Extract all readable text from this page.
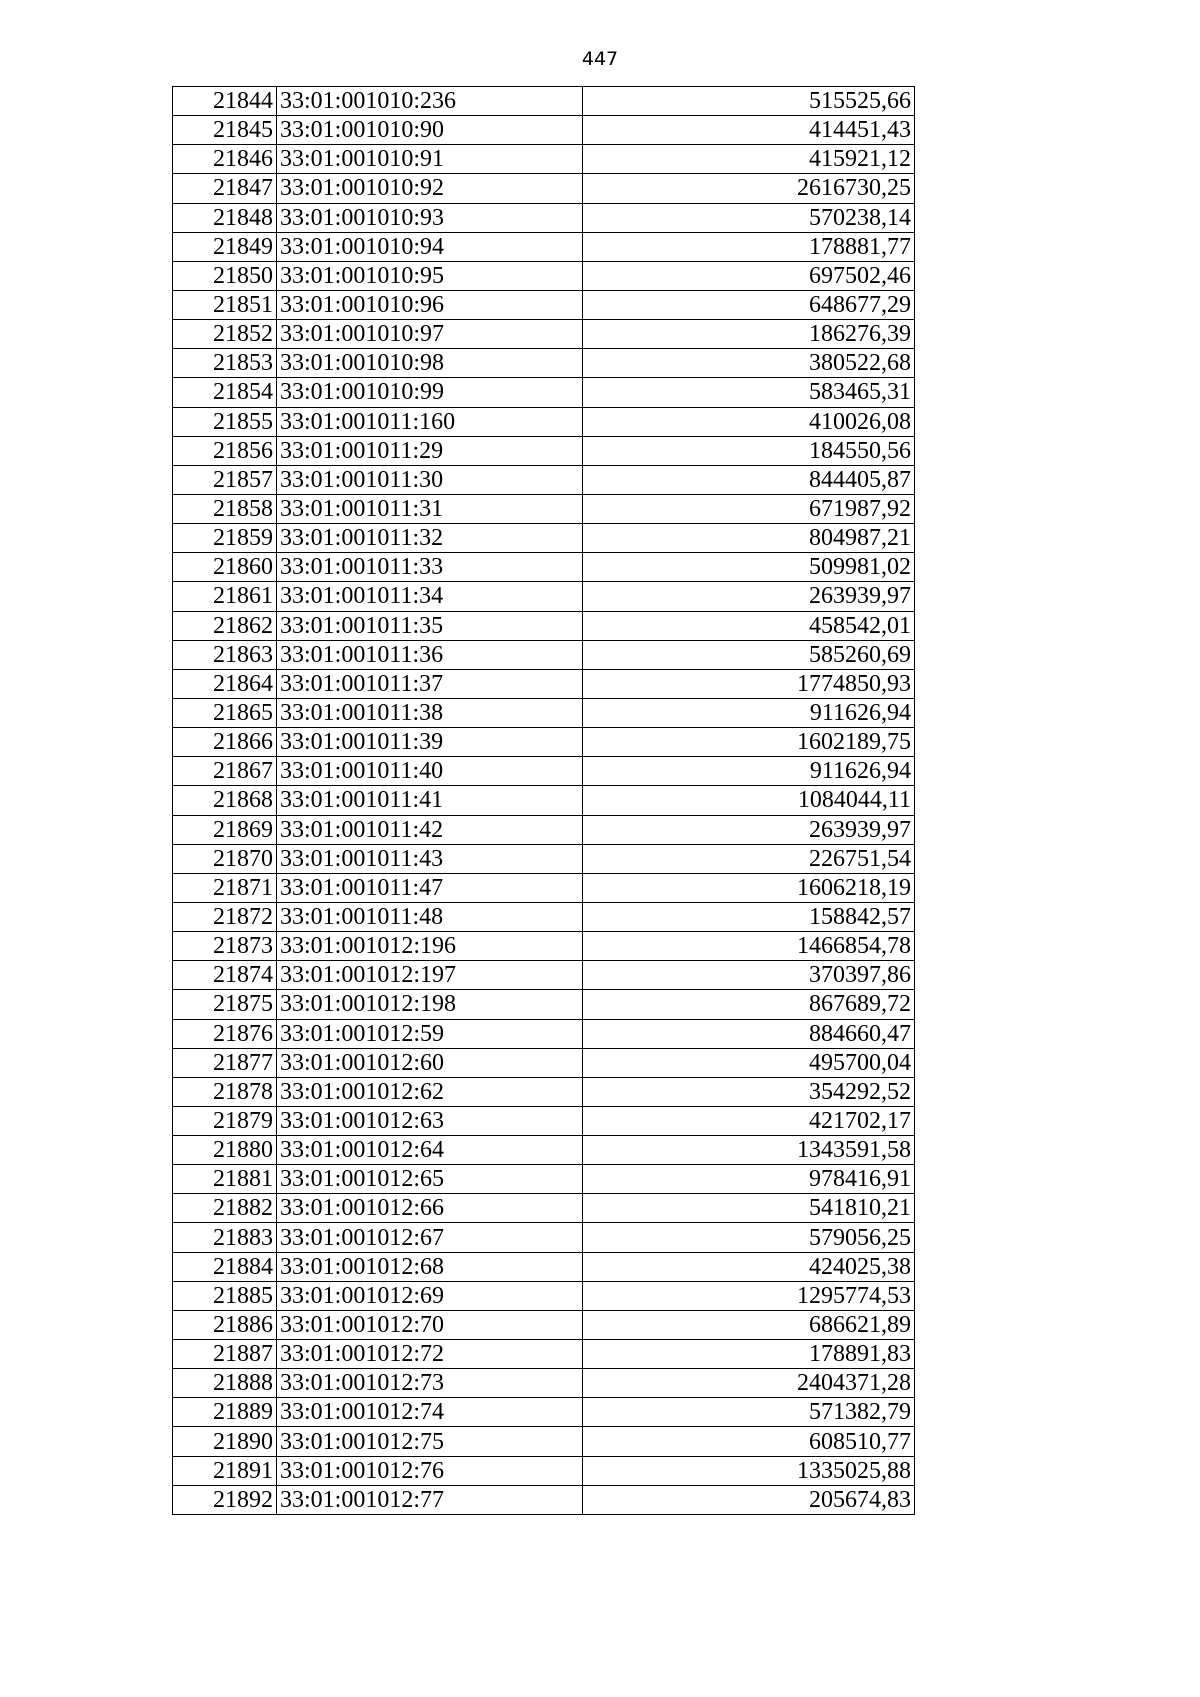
447
21844	33:01:001010:236	515525,66
21845	33:01:001010:90	414451,43
21846	33:01:001010:91	415921,12
21847	33:01:001010:92	2616730,25
21848	33:01:001010:93	570238,14
21849	33:01:001010:94	178881,77
21850	33:01:001010:95	697502,46
21851	33:01:001010:96	648677,29
21852	33:01:001010:97	186276,39
21853	33:01:001010:98	380522,68
21854	33:01:001010:99	583465,31
21855	33:01:001011:160	410026,08
21856	33:01:001011:29	184550,56
21857	33:01:001011:30	844405,87
21858	33:01:001011:31	671987,92
21859	33:01:001011:32	804987,21
21860	33:01:001011:33	509981,02
21861	33:01:001011:34	263939,97
21862	33:01:001011:35	458542,01
21863	33:01:001011:36	585260,69
21864	33:01:001011:37	1774850,93
21865	33:01:001011:38	911626,94
21866	33:01:001011:39	1602189,75
21867	33:01:001011:40	911626,94
21868	33:01:001011:41	1084044,11
21869	33:01:001011:42	263939,97
21870	33:01:001011:43	226751,54
21871	33:01:001011:47	1606218,19
21872	33:01:001011:48	158842,57
21873	33:01:001012:196	1466854,78
21874	33:01:001012:197	370397,86
21875	33:01:001012:198	867689,72
21876	33:01:001012:59	884660,47
21877	33:01:001012:60	495700,04
21878	33:01:001012:62	354292,52
21879	33:01:001012:63	421702,17
21880	33:01:001012:64	1343591,58
21881	33:01:001012:65	978416,91
21882	33:01:001012:66	541810,21
21883	33:01:001012:67	579056,25
21884	33:01:001012:68	424025,38
21885	33:01:001012:69	1295774,53
21886	33:01:001012:70	686621,89
21887	33:01:001012:72	178891,83
21888	33:01:001012:73	2404371,28
21889	33:01:001012:74	571382,79
21890	33:01:001012:75	608510,77
21891	33:01:001012:76	1335025,88
21892	33:01:001012:77	205674,83
